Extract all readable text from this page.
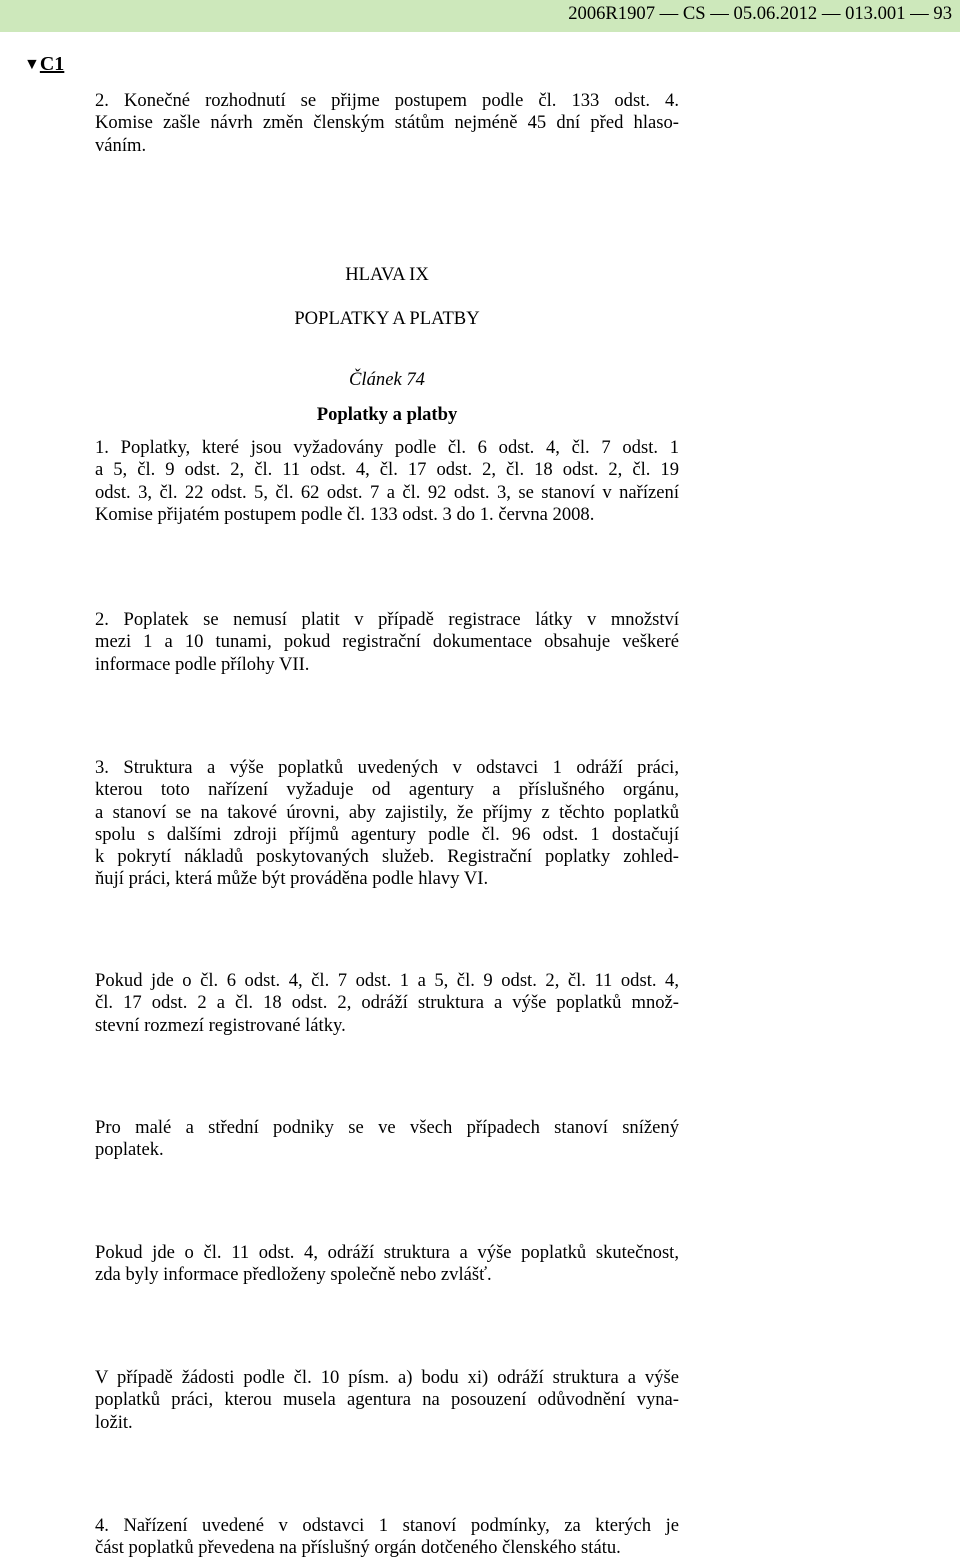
2006R1907 — CS — 05.06.2012 — 013.001 — 93
▼C1
2. Konečné rozhodnutí se přijme postupem podle čl. 133 odst. 4.
Komise zašle návrh změn členským státům nejméně 45 dní před hlaso-
váním.
HLAVA IX
POPLATKY A PLATBY
Článek 74
Poplatky a platby
1. Poplatky, které jsou vyžadovány podle čl. 6 odst. 4, čl. 7 odst. 1
a 5, čl. 9 odst. 2, čl. 11 odst. 4, čl. 17 odst. 2, čl. 18 odst. 2, čl. 19
odst. 3, čl. 22 odst. 5, čl. 62 odst. 7 a čl. 92 odst. 3, se stanoví v nařízení
Komise přijatém postupem podle čl. 133 odst. 3 do 1. června 2008.
2. Poplatek se nemusí platit v případě registrace látky v množství
mezi 1 a 10 tunami, pokud registrační dokumentace obsahuje veškeré
informace podle přílohy VII.
3. Struktura a výše poplatků uvedených v odstavci 1 odráží práci,
kterou toto nařízení vyžaduje od agentury a příslušného orgánu,
a stanoví se na takové úrovni, aby zajistily, že příjmy z těchto poplatků
spolu s dalšími zdroji příjmů agentury podle čl. 96 odst. 1 dostačují
k pokrytí nákladů poskytovaných služeb. Registrační poplatky zohled-
ňují práci, která může být prováděna podle hlavy VI.
Pokud jde o čl. 6 odst. 4, čl. 7 odst. 1 a 5, čl. 9 odst. 2, čl. 11 odst. 4,
čl. 17 odst. 2 a čl. 18 odst. 2, odráží struktura a výše poplatků množ-
stevní rozmezí registrované látky.
Pro malé a střední podniky se ve všech případech stanoví snížený
poplatek.
Pokud jde o čl. 11 odst. 4, odráží struktura a výše poplatků skutečnost,
zda byly informace předloženy společně nebo zvlášť.
V případě žádosti podle čl. 10 písm. a) bodu xi) odráží struktura a výše
poplatků práci, kterou musela agentura na posouzení odůvodnění vyna-
ložit.
4. Nařízení uvedené v odstavci 1 stanoví podmínky, za kterých je
část poplatků převedena na příslušný orgán dotčeného členského státu.
